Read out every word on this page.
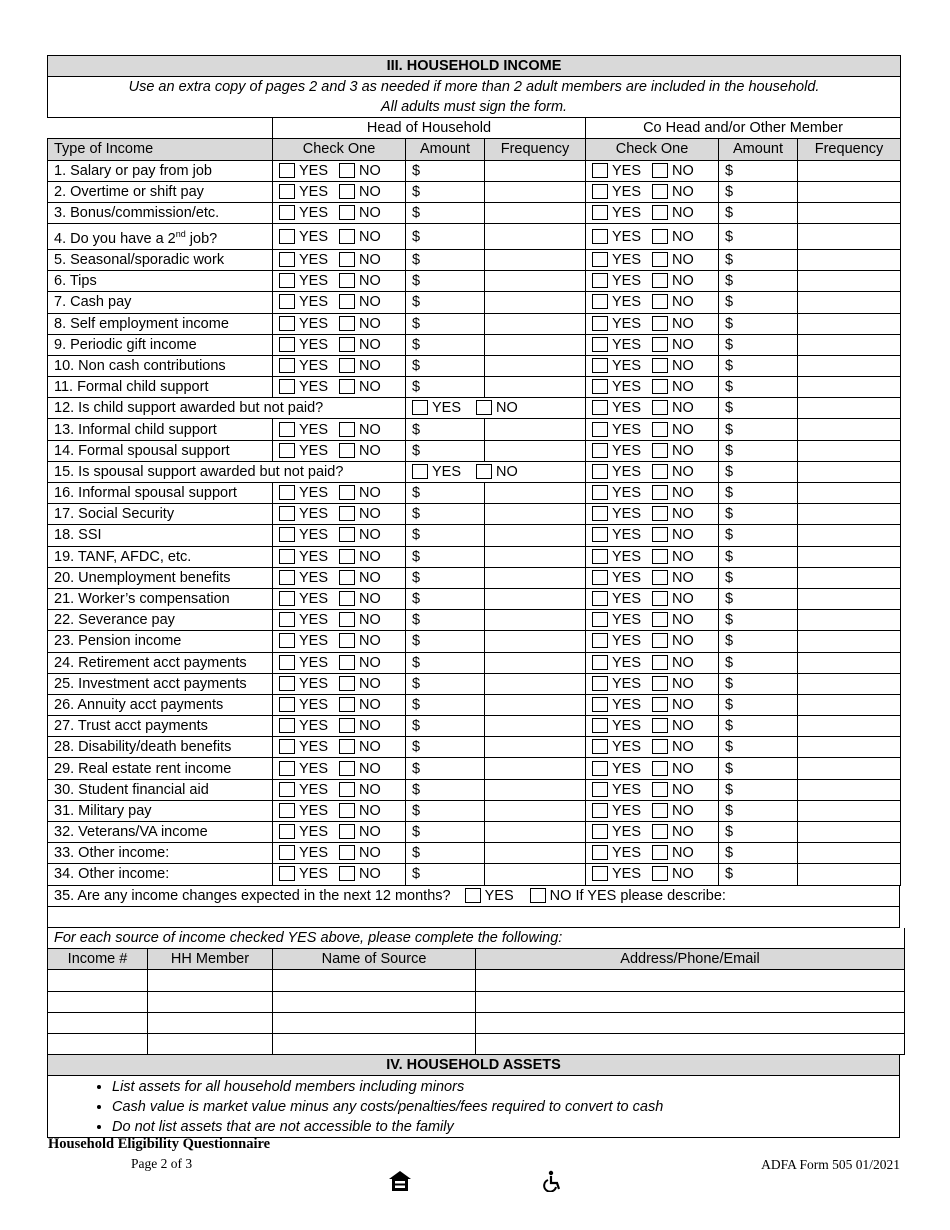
III. HOUSEHOLD INCOME						

Use an extra copy of pages 2 and 3 as needed if more than 2 adult members are included in the household.
All adults must sign the form.						

	Head of Household			Co Head and/or Other Member		
Type of Income	Check One	Amount	Frequency	Check One	Amount	Frequency
1. Salary or pay from job	YES NO	$		YES NO	$	
2. Overtime or shift pay	YES NO	$		YES NO	$	
3. Bonus/commission/etc.	YES NO	$		YES NO	$	
4. Do you have a 2nd job?	YES NO	$		YES NO	$	
5. Seasonal/sporadic work	YES NO	$		YES NO	$	
6. Tips	YES NO	$		YES NO	$	
7. Cash pay	YES NO	$		YES NO	$	
8. Self employment income	YES NO	$		YES NO	$	
9. Periodic gift income	YES NO	$		YES NO	$	
10. Non cash contributions	YES NO	$		YES NO	$	
11. Formal child support	YES NO	$		YES NO	$	
12. Is child support awarded but not paid?		YES NO		YES NO	$	
13. Informal child support	YES NO	$		YES NO	$	
14. Formal spousal support	YES NO	$		YES NO	$	
15. Is spousal support awarded but not paid?		YES NO		YES NO	$	
16. Informal spousal support	YES NO	$		YES NO	$	
17. Social Security	YES NO	$		YES NO	$	
18. SSI	YES NO	$		YES NO	$	
19. TANF, AFDC, etc.	YES NO	$		YES NO	$	
20. Unemployment benefits	YES NO	$		YES NO	$	
21. Worker’s compensation	YES NO	$		YES NO	$	
22. Severance pay	YES NO	$		YES NO	$	
23. Pension income	YES NO	$		YES NO	$	
24. Retirement acct payments	YES NO	$		YES NO	$	
25. Investment acct payments	YES NO	$		YES NO	$	
26. Annuity acct payments	YES NO	$		YES NO	$	
27. Trust acct payments	YES NO	$		YES NO	$	
28. Disability/death benefits	YES NO	$		YES NO	$	
29. Real estate rent income	YES NO	$		YES NO	$	
30. Student financial aid	YES NO	$		YES NO	$	
31. Military pay	YES NO	$		YES NO	$	
32. Veterans/VA income	YES NO	$		YES NO	$	
33. Other income:	YES NO	$		YES NO	$	
34. Other income:	YES NO	$		YES NO	$	
35. Are any income changes expected in the next 12 months? YES NO If YES please describe:

For each source of income checked YES above, please complete the following:			
Income #	HH Member	Name of Source	Address/Phone/Email

IV. HOUSEHOLD ASSETS
• List assets for all household members including minors
• Cash value is market value minus any costs/penalties/fees required to convert to cash
• Do not list assets that are not accessible to the family
Household Eligibility Questionnaire
Page 2 of 3	ADFA Form 505 01/2021
